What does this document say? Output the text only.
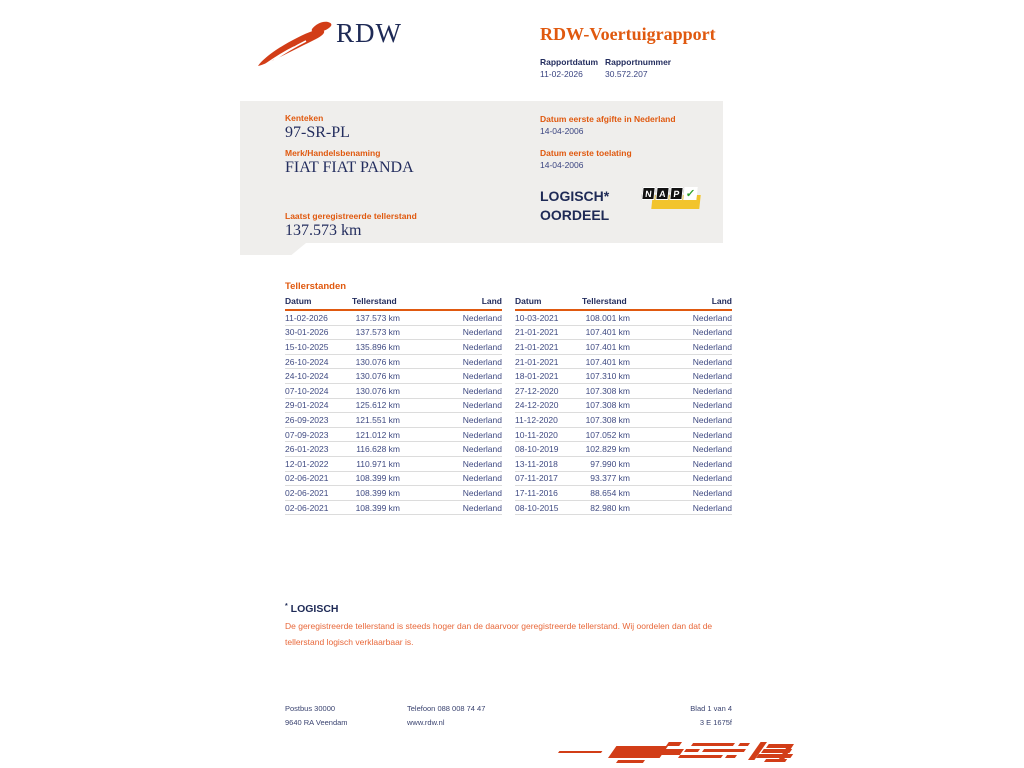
RDW	RDW-Voertuigrapport
Rapportdatum Rapportnummer
11-02-2026	30.572.207
Kenteken
97-SR-PL
Merk/Handelsbenaming
FIAT FIAT PANDA
Laatst geregistreerde tellerstand
137.573 km
Datum eerste afgifte in Nederland
14-04-2006
Datum eerste toelating
14-04-2006
LOGISCH*
OORDEEL
N A P ✓
Tellerstanden
Datum	Tellerstand	Land
11-02-2026	137.573 km	Nederland
30-01-2026	137.573 km	Nederland
15-10-2025	135.896 km	Nederland
26-10-2024	130.076 km	Nederland
24-10-2024	130.076 km	Nederland
07-10-2024	130.076 km	Nederland
29-01-2024	125.612 km	Nederland
26-09-2023	121.551 km	Nederland
07-09-2023	121.012 km	Nederland
26-01-2023	116.628 km	Nederland
12-01-2022	110.971 km	Nederland
02-06-2021	108.399 km	Nederland
02-06-2021	108.399 km	Nederland
02-06-2021	108.399 km	Nederland
Datum	Tellerstand	Land
10-03-2021	108.001 km	Nederland
21-01-2021	107.401 km	Nederland
21-01-2021	107.401 km	Nederland
21-01-2021	107.401 km	Nederland
18-01-2021	107.310 km	Nederland
27-12-2020	107.308 km	Nederland
24-12-2020	107.308 km	Nederland
11-12-2020	107.308 km	Nederland
10-11-2020	107.052 km	Nederland
08-10-2019	102.829 km	Nederland
13-11-2018	97.990 km	Nederland
07-11-2017	93.377 km	Nederland
17-11-2016	88.654 km	Nederland
08-10-2015	82.980 km	Nederland
* LOGISCH
De geregistreerde tellerstand is steeds hoger dan de daarvoor geregistreerde tellerstand. Wij oordelen dan dat de
tellerstand logisch verklaarbaar is.
Postbus 30000
9640 RA Veendam
Telefoon 088 008 74 47
www.rdw.nl
Blad 1 van 4
3 E 1675f
